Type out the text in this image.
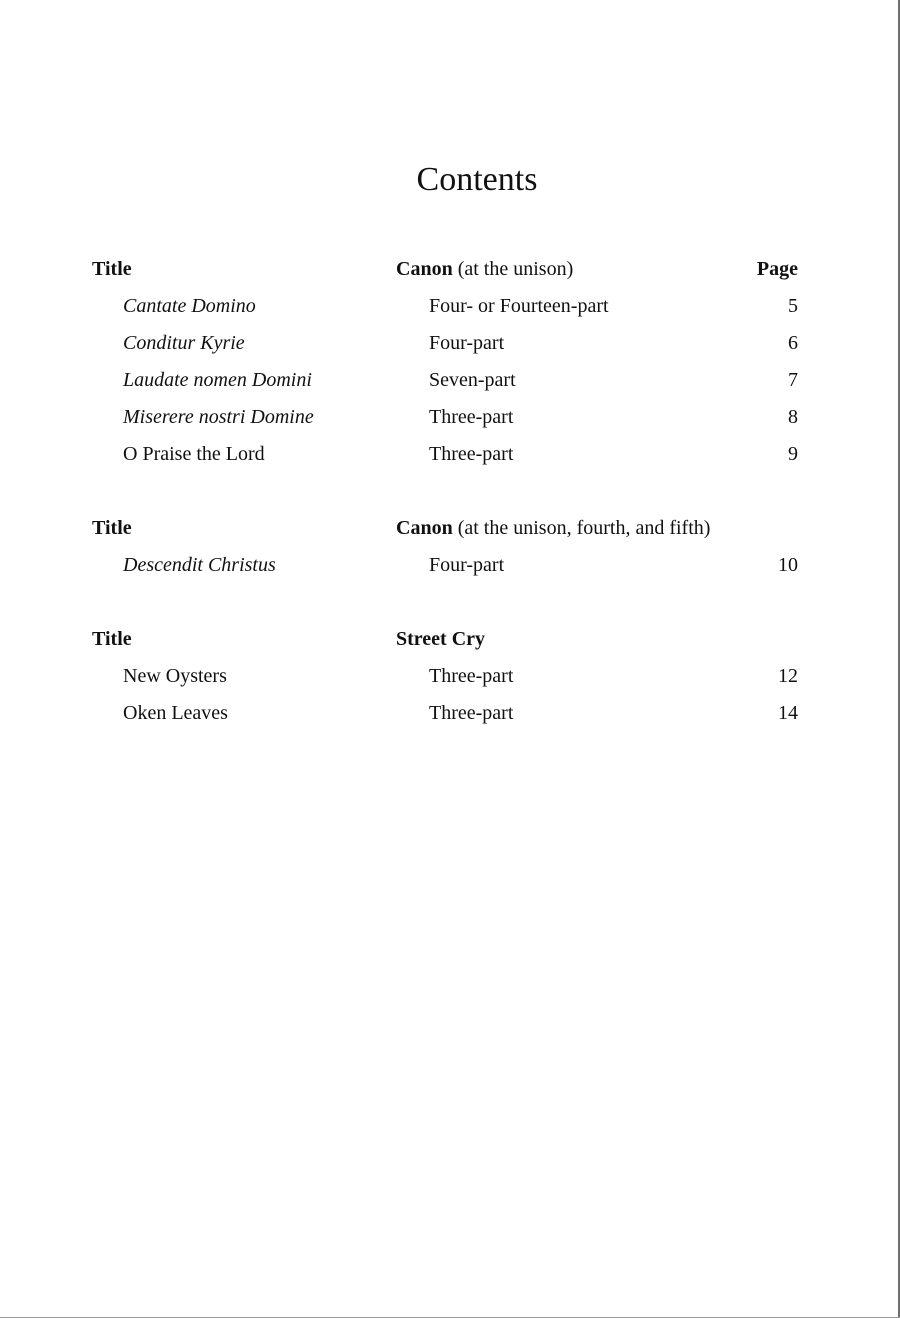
Contents
Title	Canon (at the unison)	Page
Cantate Domino	Four- or Fourteen-part	5
Conditur Kyrie	Four-part	6
Laudate nomen Domini	Seven-part	7
Miserere nostri Domine	Three-part	8
O Praise the Lord	Three-part	9
Title	Canon (at the unison, fourth, and fifth)
Descendit Christus	Four-part	10
Title	Street Cry
New Oysters	Three-part	12
Oken Leaves	Three-part	14
